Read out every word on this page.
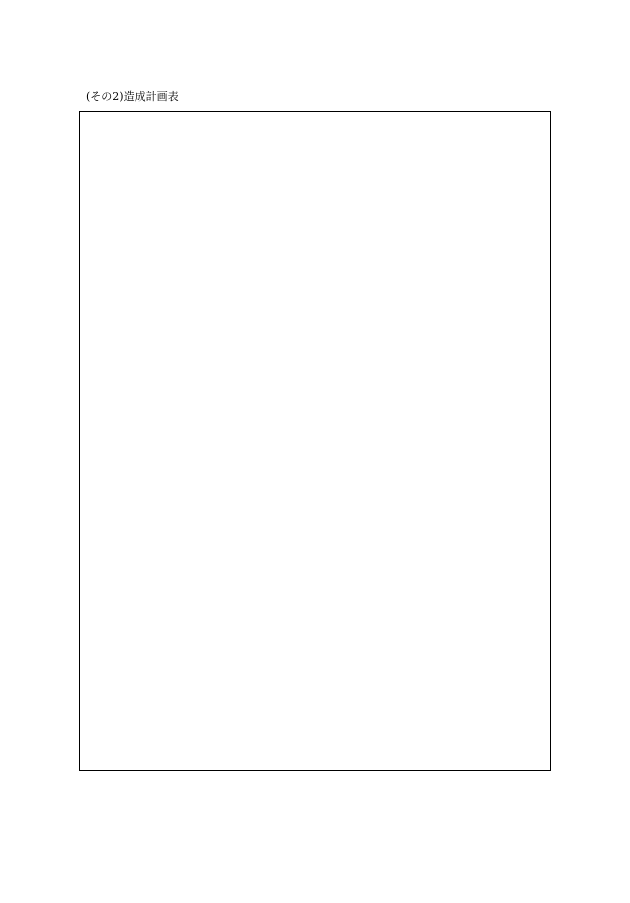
(その2)造成計画表
